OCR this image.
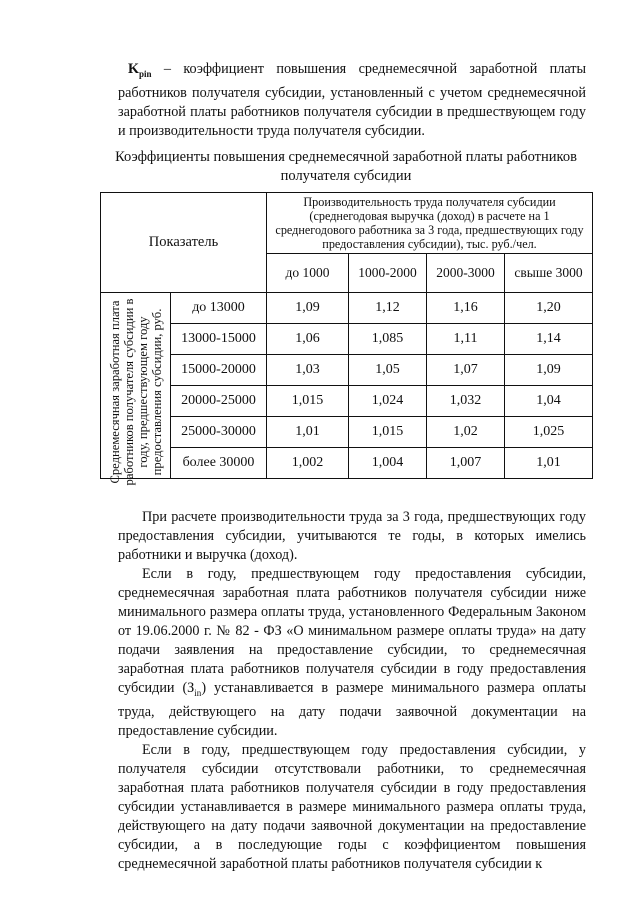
$K_{pin}$ – коэффициент повышения среднемесячной заработной платы работников получателя субсидии, установленный с учетом среднемесячной заработной платы работников получателя субсидии в предшествующем году и производительности труда получателя субсидии.

Коэффициенты повышения среднемесячной заработной платы работников получателя субсидии

Показатель		Производительность труда получателя субсидии (среднегодовая выручка (доход) в расчете на 1 среднегодового работника за 3 года, предшествующих году предоставления субсидии), тыс. руб./чел.			
		до 1000	1000-2000	2000-3000	свыше 3000

Среднемесячная заработная плата работников получателя субсидии в году, предшествующем году предоставления субсидии, руб.	до 13000	1,09	1,12	1,16	1,20
	13000-15000	1,06	1,085	1,11	1,14
	15000-20000	1,03	1,05	1,07	1,09
	20000-25000	1,015	1,024	1,032	1,04
	25000-30000	1,01	1,015	1,02	1,025
	более 30000	1,002	1,004	1,007	1,01

При расчете производительности труда за 3 года, предшествующих году предоставления субсидии, учитываются те годы, в которых имелись работники и выручка (доход).

Если в году, предшествующем году предоставления субсидии, среднемесячная заработная плата работников получателя субсидии ниже минимального размера оплаты труда, установленного Федеральным Законом от 19.06.2000 г. № 82 - ФЗ «О минимальном размере оплаты труда» на дату подачи заявления на предоставление субсидии, то среднемесячная заработная плата работников получателя субсидии в году предоставления субсидии $(З_{in})$ устанавливается в размере минимального размера оплаты труда, действующего на дату подачи заявочной документации на предоставление субсидии.

Если в году, предшествующем году предоставления субсидии, у получателя субсидии отсутствовали работники, то среднемесячная заработная плата работников получателя субсидии в году предоставления субсидии устанавливается в размере минимального размера оплаты труда, действующего на дату подачи заявочной документации на предоставление субсидии, а в последующие годы с коэффициентом повышения среднемесячной заработной платы работников получателя субсидии к
